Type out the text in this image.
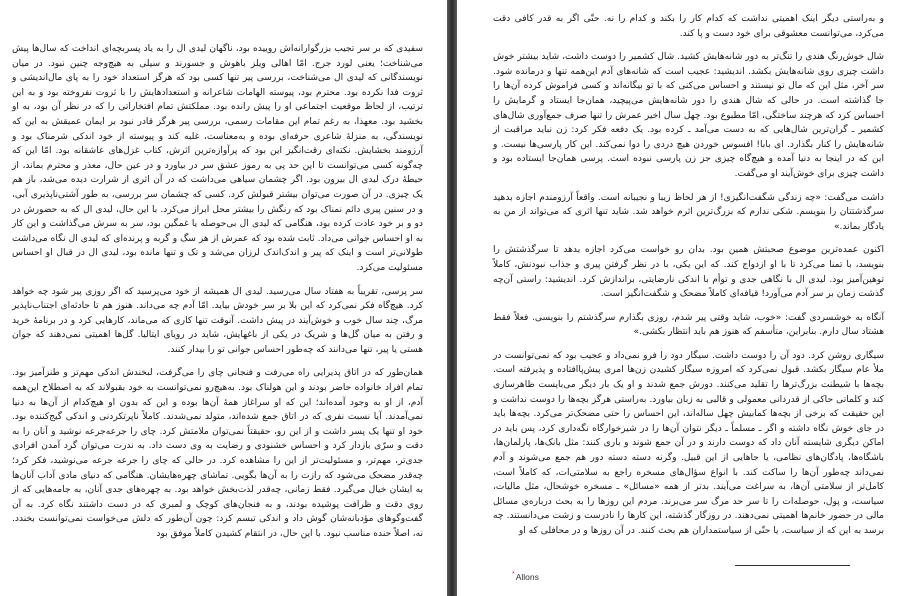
سفیدی که بر سر تجیب بزرگوارانه‌اش روییده بود، ناگهان لیدی ال را به یاد پسربچه‌ای انداخت که سال‌ها پیش می‌شناخت؛ یعنی لورد جرج. امّا اهالی ویلز باهوش و جسورند و سیلی به هیچ‌وجه چنین نبود. در میان نویسندگانی که لیدی ال می‌شناخت، بررسی پیر تنها کسی بود که هرگز استعداد خود را به پای مال‌اندیشی و ثروت فدا نکرده بود. محترم بود، پیوسته الهامات شاعرانه و استعدادهایش را با ثروت نفروخته بود و به این ترتیب، از لحاظ موقعیت اجتماعی او را پیش رانده بود. مملکتش تمام افتخاراتی را که در نظر آن بود، به او بخشید بود. معهذا، به رغم تمام این مقامات رسمی، بررسی پیر هرگز قادر نبود بر ایمان عمیقش به این که نویسندگی، به منزلهٔ شاعری حرفه‌ای بوده و به‌معناست، غلبه کند و پیوسته از خود اندکی شرمناک بود و آرزومند بخشایش. نکته‌ای رقت‌انگیز این بود که پرآوازه‌ترین اثرش، کتاب غزل‌های عاشقانه بود. امّا این که چه‌گونه کسی می‌توانست تا این حد پی به رموز عشق سر در بیاورد و در عین حال، معذر و محترم بماند، از حیطهٔ درک لیدی ال بیرون بود. اگر چشمان سیاهی می‌داشت که در آن اثری از شرارت دیده می‌شد، باز هم یک چیزی. در آن صورت می‌توان بیشتر قبولش کرد. کسی که چشمان سر بررسی، به طور آشتی‌ناپذیری آبی، و در سنین پیری دائم نمناک بود که رنگش را بیشتر محل ابراز می‌کرد. با این حال، لیدی ال که به حضورش در دو و بر خود عادت کرده بود، هنگامی که لیدی ال بی‌حوصله یا غمگین بود، سر به سرش می‌گذاشت و این کار به او احساس جوانی می‌داد. ثابت شده بود که عمرش از هر سگ و گربه و پرنده‌ای که لیدی ال نگاه می‌داشت طولانی‌تر است و اینک که پیر و اندک‌اندک لرزان می‌شد و تک و تنها مانده بود، لیدی ال در قبال او احساس مسئولیت می‌کرد.

سر پرسی، تقریباً به هفتاد سال می‌رسید. لیدی ال همیشه از خود می‌پرسید که اگر روزی پیر شود چه خواهد کرد. هیچ‌گاه فکر نمی‌کرد که این بلا بر سر خودش بیاید. امّا آدم چه می‌داند. هنوز هم تا حادثه‌ای اجتناب‌ناپذیر مرگ، چند سال خوب و خوش‌آیند در پیش داشت. آنوقت تنها کاری که می‌ماند، کارهایی کرد و در برنامهٔ خرید و رفتن به میان گل‌ها و شریک در یکی از باغهایش، شاید در رویای ایتالیا. گل‌ها اهمیتی نمی‌دهند که جوان هستی یا پیر، تنها می‌دانند که چه‌طور احساس جوانی تو را بیدار کنند.

همان‌طور که در اتاق پذیرایی راه می‌رفت و فنجانی چای را می‌گرفت، لبخندش اندکی مهم‌تر و طنزآمیز بود. تمام افراد خانواده حاضر بودند و این هولناک بود. به‌هیچ‌رو نمی‌توانست به خود بقبولاند که به اصطلاح این‌همه آدم، از او به وجود آمده‌اند؛ این که او سراغاز همهٔ آن‌ها بوده و این که بدون او هیچ‌کدام از آن‌ها به دنیا نمی‌آمدند. آیا نسبت نفری که در اتاق جمع شده‌اند، متولد نمی‌شدند. کاملاً ناپرتکردنی و اندکی گیج‌کننده بود. خود او تنها یک پسر داشت و از این رو، حقیقتاً نمی‌توان ملامتش کرد. چای را جرعه‌جرعه نوشید و آنان را به دقت و سرّی بازدار کرد و احساس خشنودی و رضایت به وی دست داد. به ندرت می‌توان گرد آمدن افرادی جدی‌تر، مهم‌تر، و مسئولیت‌تر از این را مشاهده کرد. در حالی که چای را جرعه جرعه می‌نوشید، فکر کرد؛ چه‌قدر مضحک می‌شود که رازت را به آن‌ها بگویی. تماشای چهره‌هایشان. هنگامی که دنیای مادی آداب آنان‌ها به ایشان خیال می‌گیرد. فقط زمانی، چه‌قدر لذت‌بخش خواهد بود. به چهره‌های جدی آنان، به جامه‌هایی که از روی دقت و ظرافت پوشیده بودند، و به فنجان‌های کوچک و لمبری که در دست داشتند نگاه کرد. به آن گفت‌وگوهای مؤدبانه‌شان گوش داد و اندکی تبسم کرد: چون آن‌طور که دلش می‌خواست نمی‌توانست بخندد. نه، اصلاً حنده مناسب نبود. با این حال، در انتقام کشیدن کاملاً موفق بود

و به‌راستی دیگر اینک اهمیتی نداشت که کدام کار را بکند و کدام را نه. حتّی اگر به قدر کافی دقت می‌کرد، می‌توانست معشوقی برای خود دست و پا کند.

شال خوش‌رنگ هندی را تنگ‌تر به دور شانه‌هایش کشید. شال کشمیر را دوست داشت، شاید بیشتر خوش داشت چیزی روی شانه‌هایش بکشد. اندیشید: عجیب است که شانه‌های آدم این‌همه تنها و درمانده شود. سر آخر، مثل این که مال تو نیستند و احساس می‌کنی که با تو بیگانه‌اند و کسی فراموش کرده آن‌ها را جا گذاشته است. در حالی که شال هندی را دور شانه‌هایش می‌پیچید، همان‌جا ایستاد و گرمایش را احساس کرد که هرچند ساختگی، امّا مطبوع بود. چهل سال اخیر عمرش را تنها صرف جمع‌آوری شال‌های کشمیر ـ گران‌ترین شال‌هایی که به دست می‌آمد ـ کرده بود. یک دفعه فکر کرد: زن نباید مراقبت از شانه‌هایش را کنار بگذارد. ای بابا! افسوس خوردن هیچ دردی را دوا نمی‌کند. این کار پارسی‌ها نیست. و این که در اینجا به دنیا آمده و هیچ‌گاه چیزی جز زن پارسی نبوده است. پرسی همان‌جا ایستاده بود و داشت چیزی برای خوش‌آیند او می‌گفت.

داشت می‌گفت: «چه زندگی شگفت‌انگیزی! از هر لحاظ زیبا و نجیبانه است. واقعاً آرزومندم اجازه بدهید سرگذشتتان را بنویسم. شکی ندارم که بزرگ‌ترین اثرم خواهد شد. شاید تنها اثری که می‌تواند از من به یادگار بماند.»

اکنون عمده‌ترین موضوع صحبتش همین بود. بدان رو خواست می‌کرد اجازه بدهد تا سرگذشتش را بنویسد، با تمنا می‌کرد تا با او ازدواج کند. که این یکی، با در نظر گرفتن پیری و جذاب نبودنش، کاملاً توهین‌آمیز بود. لیدی ال با نگاهی جدی و توأم با اندکی نارضایتی، براندازش کرد. اندیشید: راستی آن‌چه گذشت زمان بر سر آدم می‌آورد! قیافه‌ای کاملاً مضحک و شگفت‌انگیز است.

آنگاه به خوشسردی گفت: «خوب، شاید وقتی پیر شدم، روزی بگذارم سرگذشتم را بنویسی. فعلاً فقط هشتاد سال دارم. بنابراین، متأسفم که هنوز هم باید انتظار بکشی.»

سیگاری روشن کرد. دود آن را دوست داشت. سیگار دود را فرو نمی‌داد و عجیب بود که نمی‌توانست در ملأ عام سیگار بکشد. قبول نمی‌کرد که امروزه سیگار کشیدن زن‌ها امری پیش‌پاافتاده و پذیرفته است. بچه‌ها با شیطنت بزرگ‌ترها را تقلید می‌کنند. دورش جمع شدند و او یک بار دیگر می‌بایست ظاهرسازی کند و کلماتی حاکی از قدردانی معمولی و قالبی به زبان بیاورد. به‌راستی هرگز بچه‌ها را دوست نداشت و این حقیقت که برخی از بچه‌ها کمابیش چهل ساله‌اند، این احساس را حتی مضحک‌تر می‌کرد. بچه‌ها باید در جای خوش نگاه داشته و اگر ـ مسلماً ـ دیگر نتوان آن‌ها را در شیرخوارگاه نگه‌داری کرد، پس باید در اماکن دیگری شایسته آنان داد که دوست دارند و در آن جمع شوند و باری کنند: مثل بانک‌ها، پارلمان‌ها، باشگاه‌ها، پادگان‌های نظامی، یا جاهایی از این قبیل. وگرنه دسته دسته دور هم جمع می‌شوند و آدم نمی‌داند چه‌طور آن‌ها را ساکت کند. با انواع سؤال‌های مسخره راجع به سلامتی‌ات، که کاملاً است، کامل‌تر از سلامتی آن‌ها، به سراغت می‌آیند. بدتر از همه «مسائل» ـ مسخره خوشحال، مثل مالیات، سیاست، و پول، حوصله‌ات را تا سر حد مرگ سر می‌برند. مردم این روزها را به بحث درباره‌ی مسائل مالی در حضور خانم‌ها اهمیتی نمی‌دهند. در روزگار گذشته، این کارها را نادرست و زشت می‌دانستند. چه برسد به این که از سیاست، یا حتّی از سیاستمداران هم بحث کنند. در آن روزها و در محافلی که او

*Allons
